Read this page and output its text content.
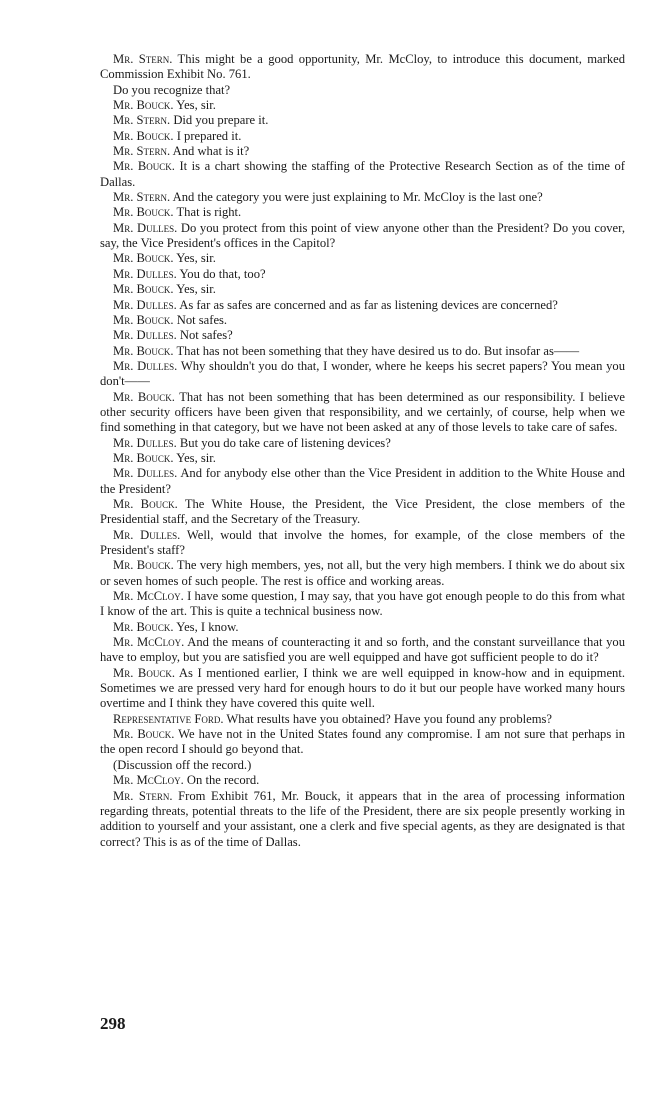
Mr. Stern. This might be a good opportunity, Mr. McCloy, to introduce this document, marked Commission Exhibit No. 761.

Do you recognize that?

Mr. Bouck. Yes, sir.

Mr. Stern. Did you prepare it.

Mr. Bouck. I prepared it.

Mr. Stern. And what is it?

Mr. Bouck. It is a chart showing the staffing of the Protective Research Section as of the time of Dallas.

Mr. Stern. And the category you were just explaining to Mr. McCloy is the last one?

Mr. Bouck. That is right.

Mr. Dulles. Do you protect from this point of view anyone other than the President? Do you cover, say, the Vice President's offices in the Capitol?

Mr. Bouck. Yes, sir.

Mr. Dulles. You do that, too?

Mr. Bouck. Yes, sir.

Mr. Dulles. As far as safes are concerned and as far as listening devices are concerned?

Mr. Bouck. Not safes.

Mr. Dulles. Not safes?

Mr. Bouck. That has not been something that they have desired us to do. But insofar as——

Mr. Dulles. Why shouldn't you do that, I wonder, where he keeps his secret papers? You mean you don't——

Mr. Bouck. That has not been something that has been determined as our responsibility. I believe other security officers have been given that responsibility, and we certainly, of course, help when we find something in that category, but we have not been asked at any of those levels to take care of safes.

Mr. Dulles. But you do take care of listening devices?

Mr. Bouck. Yes, sir.

Mr. Dulles. And for anybody else other than the Vice President in addition to the White House and the President?

Mr. Bouck. The White House, the President, the Vice President, the close members of the Presidential staff, and the Secretary of the Treasury.

Mr. Dulles. Well, would that involve the homes, for example, of the close members of the President's staff?

Mr. Bouck. The very high members, yes, not all, but the very high members. I think we do about six or seven homes of such people. The rest is office and working areas.

Mr. McCloy. I have some question, I may say, that you have got enough people to do this from what I know of the art. This is quite a technical business now.

Mr. Bouck. Yes, I know.

Mr. McCloy. And the means of counteracting it and so forth, and the constant surveillance that you have to employ, but you are satisfied you are well equipped and have got sufficient people to do it?

Mr. Bouck. As I mentioned earlier, I think we are well equipped in know-how and in equipment. Sometimes we are pressed very hard for enough hours to do it but our people have worked many hours overtime and I think they have covered this quite well.

Representative Ford. What results have you obtained? Have you found any problems?

Mr. Bouck. We have not in the United States found any compromise. I am not sure that perhaps in the open record I should go beyond that.

(Discussion off the record.)

Mr. McCloy. On the record.

Mr. Stern. From Exhibit 761, Mr. Bouck, it appears that in the area of processing information regarding threats, potential threats to the life of the President, there are six people presently working in addition to yourself and your assistant, one a clerk and five special agents, as they are designated is that correct? This is as of the time of Dallas.

298
